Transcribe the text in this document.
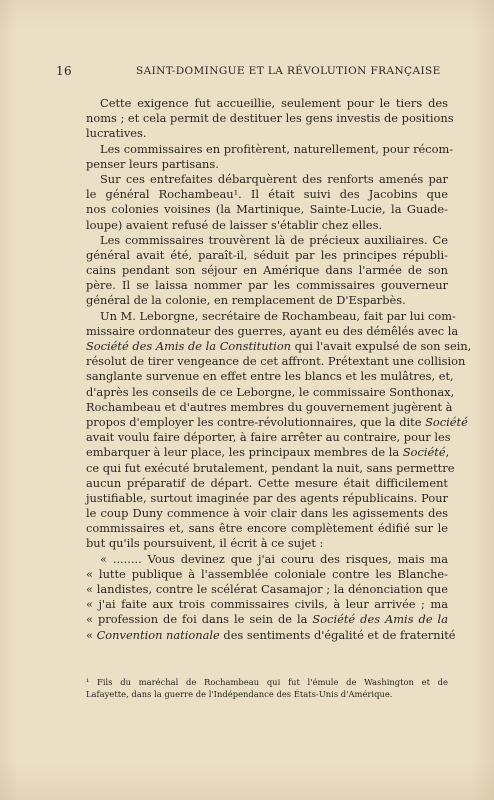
16	SAINT-DOMINGUE ET LA RÉVOLUTION FRANÇAISE
Cette exigence fut accueillie, seulement pour le tiers des
noms ; et cela permit de destituer les gens investis de positions
lucratives.
Les commissaires en profitèrent, naturellement, pour récom-
penser leurs partisans.
Sur ces entrefaites débarquèrent des renforts amenés par
le général Rochambeau¹. Il était suivi des Jacobins que
nos colonies voisines (la Martinique, Sainte-Lucie, la Guade-
loupe) avaient refusé de laisser s'établir chez elles.
Les commissaires trouvèrent là de précieux auxiliaires. Ce
général avait été, paraît-il, séduit par les principes républi-
cains pendant son séjour en Amérique dans l'armée de son
père. Il se laissa nommer par les commissaires gouverneur
général de la colonie, en remplacement de D'Esparbès.
Un M. Leborgne, secrétaire de Rochambeau, fait par lui com-
missaire ordonnateur des guerres, ayant eu des démêlés avec la
Société des Amis de la Constitution qui l'avait expulsé de son sein,
résolut de tirer vengeance de cet affront. Prétextant une collision
sanglante survenue en effet entre les blancs et les mulâtres, et,
d'après les conseils de ce Leborgne, le commissaire Sonthonax,
Rochambeau et d'autres membres du gouvernement jugèrent à
propos d'employer les contre-révolutionnaires, que la dite Société
avait voulu faire déporter, à faire arrêter au contraire, pour les
embarquer à leur place, les principaux membres de la Société,
ce qui fut exécuté brutalement, pendant la nuit, sans permettre
aucun préparatif de départ. Cette mesure était difficilement
justifiable, surtout imaginée par des agents républicains. Pour
le coup Duny commence à voir clair dans les agissements des
commissaires et, sans être encore complètement édifié sur le
but qu'ils poursuivent, il écrit à ce sujet :
« ........ Vous devinez que j'ai couru des risques, mais ma
« lutte publique à l'assemblée coloniale contre les Blanche-
« landistes, contre le scélérat Casamajor ; la dénonciation que
« j'ai faite aux trois commissaires civils, à leur arrivée ; ma
« profession de foi dans le sein de la Société des Amis de la
« Convention nationale des sentiments d'égalité et de fraternité
¹ Fils du maréchal de Rochambeau qui fut l'émule de Washington et de
Lafayette, dans la guerre de l'Indépendance des États-Unis d'Amérique.
